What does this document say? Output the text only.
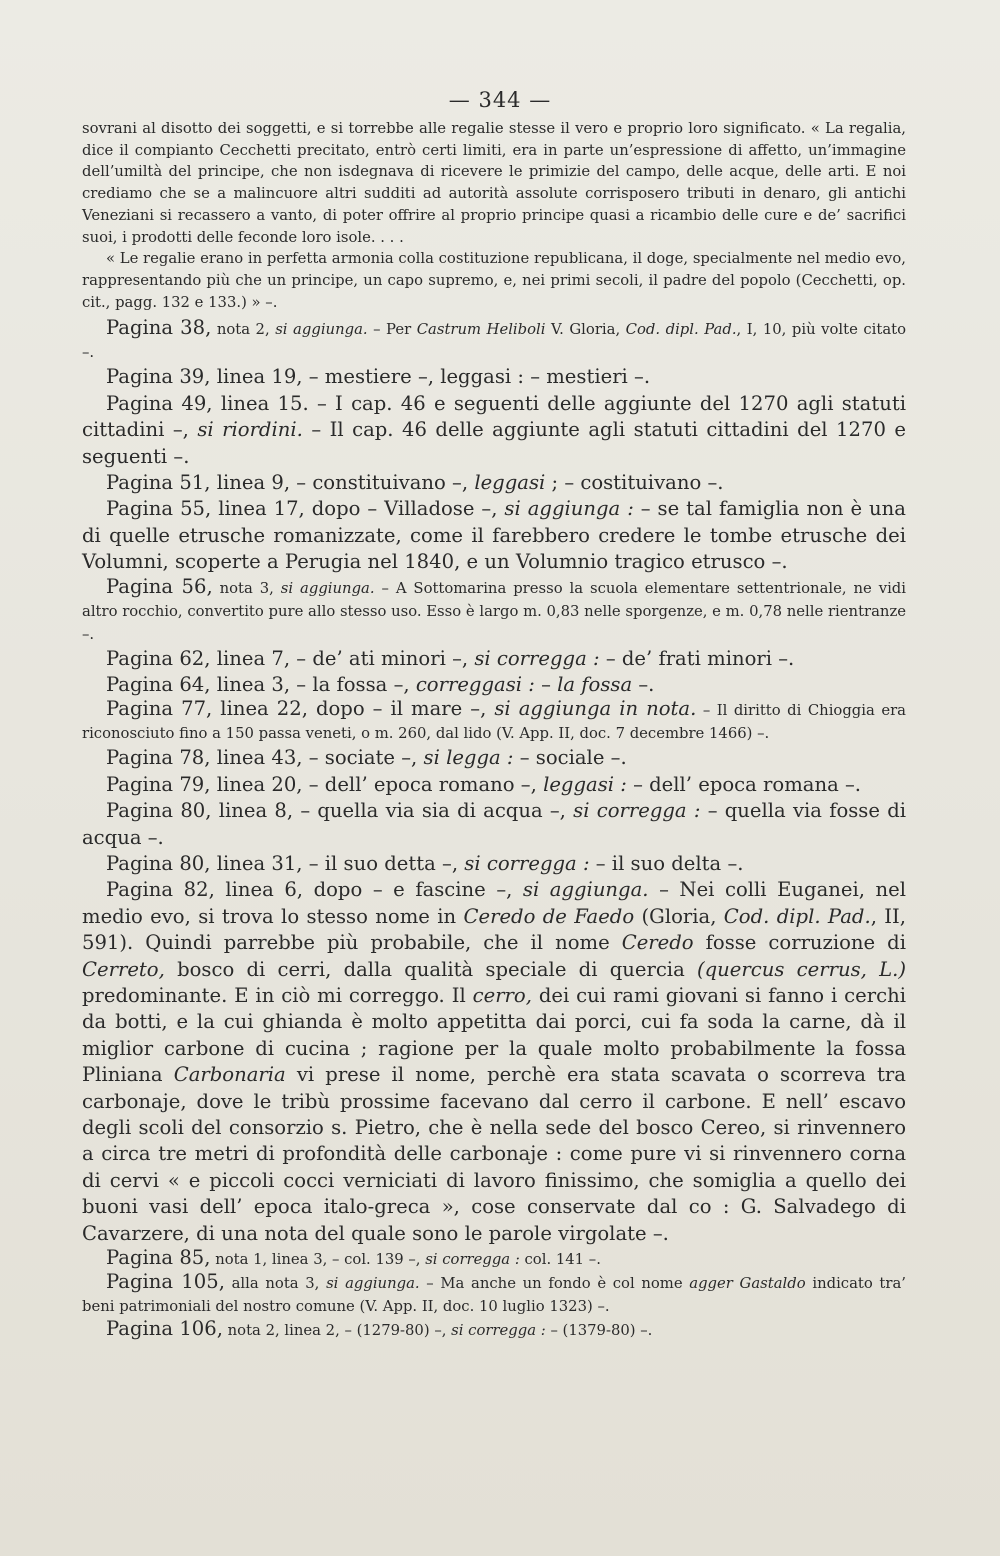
— 344 —

sovrani al disotto dei soggetti, e si torrebbe alle regalie stesse il vero e proprio loro significato. « La regalia, dice il compianto Cecchetti precitato, entrò certi limiti, era in parte un’espressione di affetto, un’immagine dell’umiltà del principe, che non isdegnava di ricevere le primizie del campo, delle acque, delle arti. E noi crediamo che se a malincuore altri sudditi ad autorità assolute corrisposero tributi in denaro, gli antichi Veneziani si recassero a vanto, di poter offrire al proprio principe quasi a ricambio delle cure e de’ sacrifici suoi, i prodotti delle feconde loro isole. . . .

« Le regalie erano in perfetta armonia colla costituzione republicana, il doge, specialmente nel medio evo, rappresentando più che un principe, un capo supremo, e, nei primi secoli, il padre del popolo (Cecchetti, op. cit., pagg. 132 e 133.) » –.

Pagina 38, nota 2, si aggiunga. – Per Castrum Heliboli V. Gloria, Cod. dipl. Pad., I, 10, più volte citato –.

Pagina 39, linea 19, – mestiere –, leggasi : – mestieri –.

Pagina 49, linea 15. – I cap. 46 e seguenti delle aggiunte del 1270 agli statuti cittadini –, si riordini. – Il cap. 46 delle aggiunte agli statuti cittadini del 1270 e seguenti –.

Pagina 51, linea 9, – constituivano –, leggasi ; – costituivano –.

Pagina 55, linea 17, dopo – Villadose –, si aggiunga : – se tal famiglia non è una di quelle etrusche romanizzate, come il farebbero credere le tombe etrusche dei Volumni, scoperte a Perugia nel 1840, e un Volumnio tragico etrusco –.

Pagina 56, nota 3, si aggiunga. – A Sottomarina presso la scuola elementare settentrionale, ne vidi altro rocchio, convertito pure allo stesso uso. Esso è largo m. 0,83 nelle sporgenze, e m. 0,78 nelle rientranze –.

Pagina 62, linea 7, – de’ ati minori –, si corregga : – de’ frati minori –.

Pagina 64, linea 3, – la fossa –, correggasi : – la fossa –.

Pagina 77, linea 22, dopo – il mare –, si aggiunga in nota. – Il diritto di Chioggia era riconosciuto fino a 150 passa veneti, o m. 260, dal lido (V. App. II, doc. 7 decembre 1466) –.

Pagina 78, linea 43, – sociate –, si legga : – sociale –.

Pagina 79, linea 20, – dell’ epoca romano –, leggasi : – dell’ epoca romana –.

Pagina 80, linea 8, – quella via sia di acqua –, si corregga : – quella via fosse di acqua –.

Pagina 80, linea 31, – il suo detta –, si corregga : – il suo delta –.

Pagina 82, linea 6, dopo – e fascine –, si aggiunga. – Nei colli Euganei, nel medio evo, si trova lo stesso nome in Ceredo de Faedo (Gloria, Cod. dipl. Pad., II, 591). Quindi parrebbe più probabile, che il nome Ceredo fosse corruzione di Cerreto, bosco di cerri, dalla qualità speciale di quercia (quercus cerrus, L.) predominante. E in ciò mi correggo. Il cerro, dei cui rami giovani si fanno i cerchi da botti, e la cui ghianda è molto appetitta dai porci, cui fa soda la carne, dà il miglior carbone di cucina ; ragione per la quale molto probabilmente la fossa Pliniana Carbonaria vi prese il nome, perchè era stata scavata o scorreva tra carbonaje, dove le tribù prossime facevano dal cerro il carbone. E nell’ escavo degli scoli del consorzio s. Pietro, che è nella sede del bosco Cereo, si rinvennero a circa tre metri di profondità delle carbonaje : come pure vi si rinvennero corna di cervi « e piccoli cocci verniciati di lavoro finissimo, che somiglia a quello dei buoni vasi dell’ epoca italo-greca », cose conservate dal co : G. Salvadego di Cavarzere, di una nota del quale sono le parole virgolate –.

Pagina 85, nota 1, linea 3, – col. 139 –, si corregga : col. 141 –.

Pagina 105, alla nota 3, si aggiunga. – Ma anche un fondo è col nome agger Gastaldo indicato tra’ beni patrimoniali del nostro comune (V. App. II, doc. 10 luglio 1323) –.

Pagina 106, nota 2, linea 2, – (1279-80) –, si corregga : – (1379-80) –.
